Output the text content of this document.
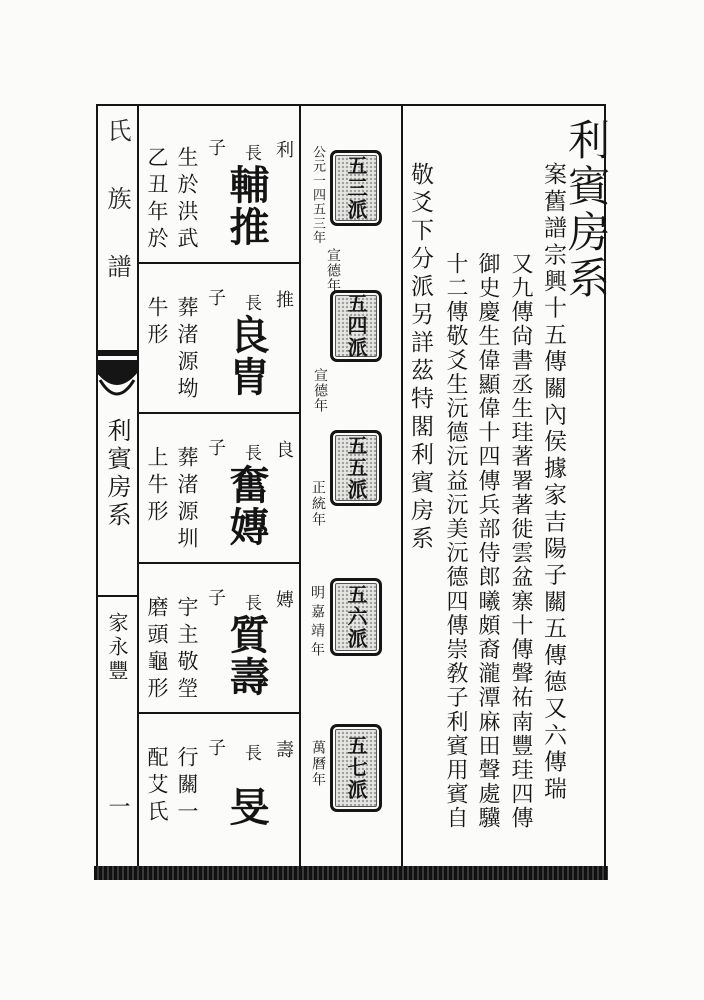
氏族譜
利賓房系
家永豐
一
利賓房系
案舊譜宗興十五傳關內侯據家吉陽子關五傳德又六傳瑞
又九傳尙書丞生珪著署著徙雲盆寨十傳聲祐南豐珪四傳
御史慶生偉顯偉十四傳兵部侍郎曦頗裔瀧潭麻田聲處驥
十二傳敬爻生沅德沅益沅美沅德四傳崇敎子利賓用賓自
敬爻下分派另詳茲特閣利賓房系
五三派
五四派
五五派
五六派
五七派
公元一四五三年
宣德年
宣德年
正統年
明嘉靖年
萬曆年
利
長
子
輔推
生於洪武
乙丑年於
推
長
子
良胄
葬渚源坳
牛形
良
長
子
奮嫥
葬渚源圳
上牛形
嫥
長
子
質壽
宇主敬塋
磨頭龜形
壽
長
子
旻
行關一
配艾氏
